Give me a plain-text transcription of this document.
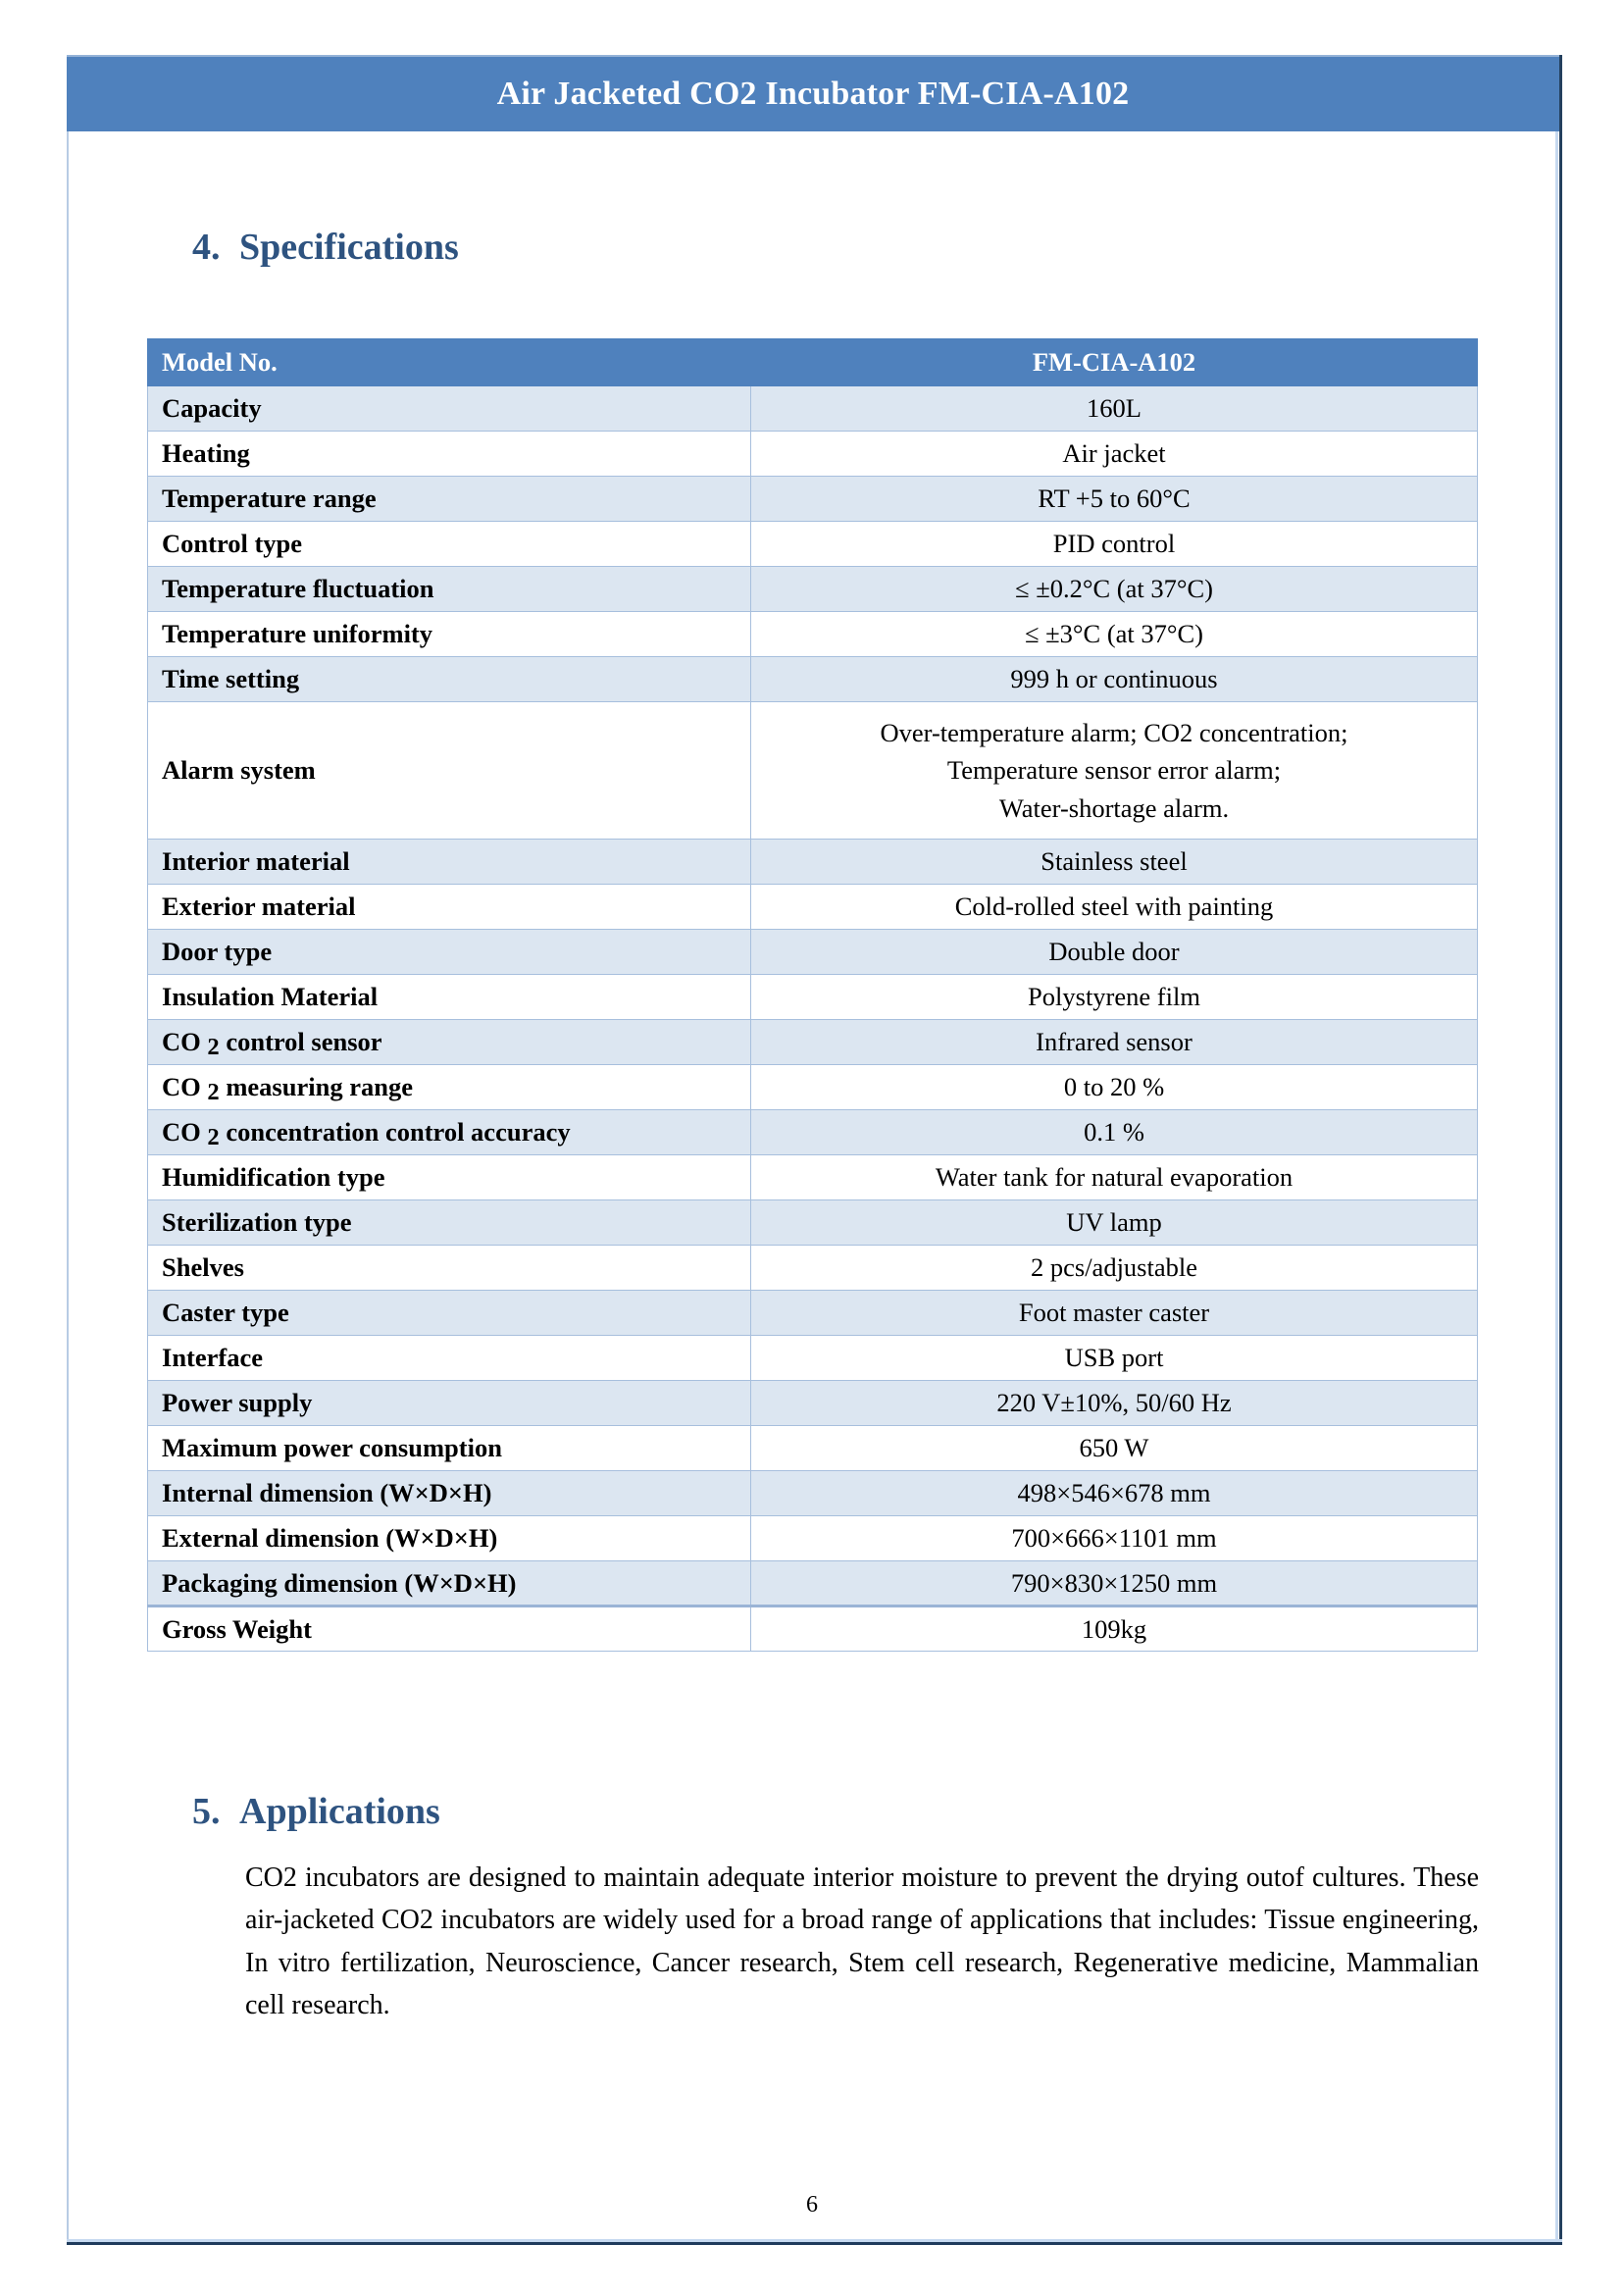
Air Jacketed CO2 Incubator FM-CIA-A102
4. Specifications
Model No.	FM-CIA-A102
Capacity	160L
Heating	Air jacket
Temperature range	RT +5 to 60°C
Control type	PID control
Temperature fluctuation	≤ ±0.2°C (at 37°C)
Temperature uniformity	≤ ±3°C (at 37°C)
Time setting	999 h or continuous
Alarm system	Over-temperature alarm; CO2 concentration;
Temperature sensor error alarm;
Water-shortage alarm.
Interior material	Stainless steel
Exterior material	Cold-rolled steel with painting
Door type	Double door
Insulation Material	Polystyrene film
CO 2 control sensor	Infrared sensor
CO 2 measuring range	0 to 20 %
CO 2 concentration control accuracy	0.1 %
Humidification type	Water tank for natural evaporation
Sterilization type	UV lamp
Shelves	2 pcs/adjustable
Caster type	Foot master caster
Interface	USB port
Power supply	220 V±10%, 50/60 Hz
Maximum power consumption	650 W
Internal dimension (W×D×H)	498×546×678 mm
External dimension (W×D×H)	700×666×1101 mm
Packaging dimension (W×D×H)	790×830×1250 mm
Gross Weight	109kg
5. Applications
CO2 incubators are designed to maintain adequate interior moisture to prevent the drying outof cultures. These air-jacketed CO2 incubators are widely used for a broad range of applications that includes: Tissue engineering, In vitro fertilization, Neuroscience, Cancer research, Stem cell research, Regenerative medicine, Mammalian cell research.
6
